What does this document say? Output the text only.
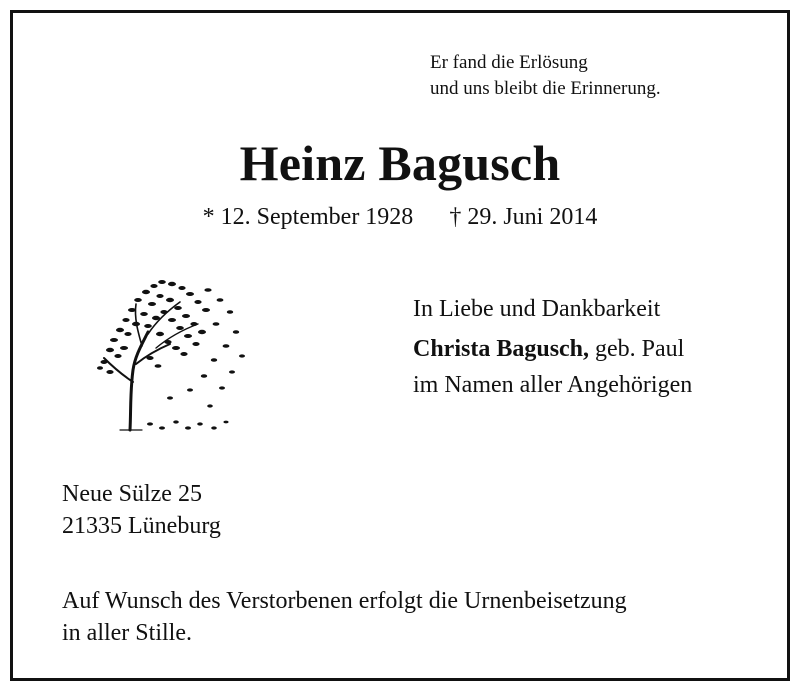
Er fand die Erlösung
und uns bleibt die Erinnerung.
Heinz Bagusch
* 12. September 1928 † 29. Juni 2014
In Liebe und Dankbarkeit
Christa Bagusch, geb. Paul
im Namen aller Angehörigen
Neue Sülze 25
21335 Lüneburg
Auf Wunsch des Verstorbenen erfolgt die Urnenbeisetzung
in aller Stille.
